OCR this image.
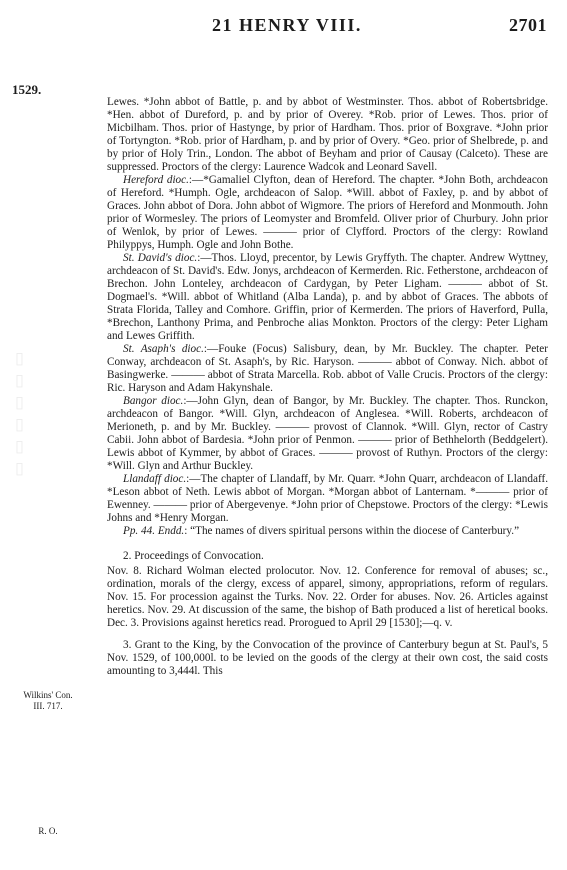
21 HENRY VIII.	2701
1529.
▯▯▯▯▯▯
Wilkins' Con.
III. 717.
R. O.

Lewes. *John abbot of Battle, p. and by abbot of Westminster. Thos. abbot of Robertsbridge. *Hen. abbot of Dureford, p. and by prior of Overey. *Rob. prior of Lewes. Thos. prior of Micbilham. Thos. prior of Hastynge, by prior of Hardham. Thos. prior of Boxgrave. *John prior of Tortyngton. *Rob. prior of Hardham, p. and by prior of Overy. *Geo. prior of Shelbrede, p. and by prior of Holy Trin., London. The abbot of Beyham and prior of Causay (Calceto). These are suppressed. Proctors of the clergy: Laurence Wadcok and Leonard Savell.

Hereford dioc.:—*Gamaliel Clyfton, dean of Hereford. The chapter. *John Both, archdeacon of Hereford. *Humph. Ogle, archdeacon of Salop. *Will. abbot of Faxley, p. and by abbot of Graces. John abbot of Dora. John abbot of Wigmore. The priors of Hereford and Monmouth. John prior of Wormesley. The priors of Leomyster and Bromfeld. Oliver prior of Churbury. John prior of Wenlok, by prior of Lewes. ——— prior of Clyfford. Proctors of the clergy: Rowland Philyppys, Humph. Ogle and John Bothe.

St. David's dioc.:—Thos. Lloyd, precentor, by Lewis Gryffyth. The chapter. Andrew Wyttney, archdeacon of St. David's. Edw. Jonys, archdeacon of Kermerden. Ric. Fetherstone, archdeacon of Brechon. John Lonteley, archdeacon of Cardygan, by Peter Ligham. ——— abbot of St. Dogmael's. *Will. abbot of Whitland (Alba Landa), p. and by abbot of Graces. The abbots of Strata Florida, Talley and Comhore. Griffin, prior of Kermerden. The priors of Haverford, Pulla, *Brechon, Lanthony Prima, and Penbroche alias Monkton. Proctors of the clergy: Peter Ligham and Lewes Griffith.

St. Asaph's dioc.:—Fouke (Focus) Salisbury, dean, by Mr. Buckley. The chapter. Peter Conway, archdeacon of St. Asaph's, by Ric. Haryson. ——— abbot of Conway. Nich. abbot of Basingwerke. ——— abbot of Strata Marcella. Rob. abbot of Valle Crucis. Proctors of the clergy: Ric. Haryson and Adam Hakynshale.

Bangor dioc.:—John Glyn, dean of Bangor, by Mr. Buckley. The chapter. Thos. Runckon, archdeacon of Bangor. *Will. Glyn, archdeacon of Anglesea. *Will. Roberts, archdeacon of Merioneth, p. and by Mr. Buckley. ——— provost of Clannok. *Will. Glyn, rector of Castry Cabii. John abbot of Bardesia. *John prior of Penmon. ——— prior of Bethhelorth (Beddgelert). Lewis abbot of Kymmer, by abbot of Graces. ——— provost of Ruthyn. Proctors of the clergy: *Will. Glyn and Arthur Buckley.

Llandaff dioc.:—The chapter of Llandaff, by Mr. Quarr. *John Quarr, archdeacon of Llandaff. *Leson abbot of Neth. Lewis abbot of Morgan. *Morgan abbot of Lanternam. *——— prior of Ewenney. ——— prior of Abergevenye. *John prior of Chepstowe. Proctors of the clergy: *Lewis Johns and *Henry Morgan.

Pp. 44. Endd.: “The names of divers spiritual persons within the diocese of Canterbury.”

2. Proceedings of Convocation.

Nov. 8. Richard Wolman elected prolocutor. Nov. 12. Conference for removal of abuses; sc., ordination, morals of the clergy, excess of apparel, simony, appropriations, reform of regulars. Nov. 15. For procession against the Turks. Nov. 22. Order for abuses. Nov. 26. Articles against heretics. Nov. 29. At discussion of the same, the bishop of Bath produced a list of heretical books. Dec. 3. Provisions against heretics read. Prorogued to April 29 [1530];—q. v.

3. Grant to the King, by the Convocation of the province of Canterbury begun at St. Paul's, 5 Nov. 1529, of 100,000l. to be levied on the goods of the clergy at their own cost, the said costs amounting to 3,444l. This
